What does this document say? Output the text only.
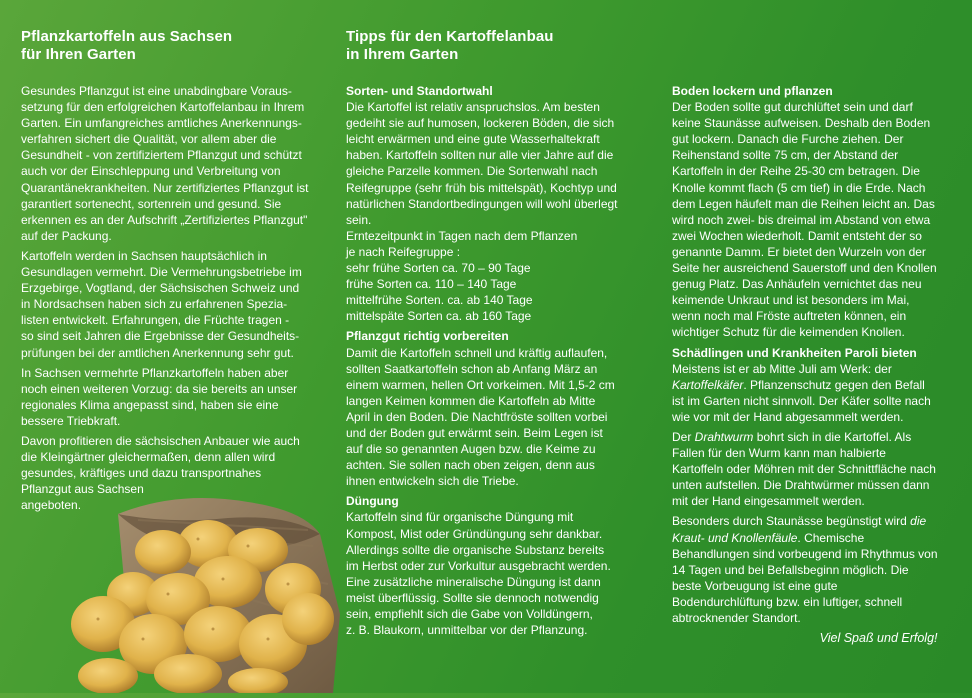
Pflanzkartoffeln aus Sachsen
für Ihren Garten

Gesundes Pflanzgut ist eine unabdingbare Voraus-
setzung für den erfolgreichen Kartoffelanbau in Ihrem
Garten. Ein umfangreiches amtliches Anerkennungs-
verfahren sichert die Qualität, vor allem aber die
Gesundheit - von zertifiziertem Pflanzgut und schützt
auch vor der Einschleppung und Verbreitung von
Quarantänekrankheiten. Nur zertifiziertes Pflanzgut ist
garantiert sortenecht, sortenrein und gesund. Sie
erkennen es an der Aufschrift „Zertifiziertes Pflanzgut"
auf der Packung.

Kartoffeln werden in Sachsen hauptsächlich in
Gesundlagen vermehrt. Die Vermehrungsbetriebe im
Erzgebirge, Vogtland, der Sächsischen Schweiz und
in Nordsachsen haben sich zu erfahrenen Spezia-
listen entwickelt. Erfahrungen, die Früchte tragen -
so sind seit Jahren die Ergebnisse der Gesundheits-
prüfungen bei der amtlichen Anerkennung sehr gut.

In Sachsen vermehrte Pflanzkartoffeln haben aber
noch einen weiteren Vorzug: da sie bereits an unser
regionales Klima angepasst sind, haben sie eine
bessere Triebkraft.

Davon profitieren die sächsischen Anbauer wie auch
die Kleingärtner gleichermaßen, denn allen wird
gesundes, kräftiges und dazu transportnahes
Pflanzgut aus Sachsen
angeboten.

Tipps für den Kartoffelanbau
in Ihrem Garten
Sorten- und Standortwahl

Die Kartoffel ist relativ anspruchslos. Am besten
gedeiht sie auf humosen, lockeren Böden, die sich
leicht erwärmen und eine gute Wasserhaltekraft
haben. Kartoffeln sollten nur alle vier Jahre auf die
gleiche Parzelle kommen. Die Sortenwahl nach
Reifegruppe (sehr früh bis mittelspät), Kochtyp und
natürlichen Standortbedingungen will wohl überlegt
sein.
Erntezeitpunkt in Tagen nach dem Pflanzen
je nach Reifegruppe :
sehr frühe Sorten ca. 70 – 90 Tage
frühe Sorten ca. 110 – 140 Tage
mittelfrühe Sorten. ca. ab 140 Tage
mittelspäte Sorten ca. ab 160 Tage

Pflanzgut richtig vorbereiten

Damit die Kartoffeln schnell und kräftig auflaufen,
sollten Saatkartoffeln schon ab Anfang März an
einem warmen, hellen Ort vorkeimen. Mit 1,5-2 cm
langen Keimen kommen die Kartoffeln ab Mitte
April in den Boden. Die Nachtfröste sollten vorbei
und der Boden gut erwärmt sein. Beim Legen ist
auf die so genannten Augen bzw. die Keime zu
achten. Sie sollen nach oben zeigen, denn aus
ihnen entwickeln sich die Triebe.

Düngung

Kartoffeln sind für organische Düngung mit
Kompost, Mist oder Gründüngung sehr dankbar.
Allerdings sollte die organische Substanz bereits
im Herbst oder zur Vorkultur ausgebracht werden.
Eine zusätzliche mineralische Düngung ist dann
meist überflüssig. Sollte sie dennoch notwendig
sein, empfiehlt sich die Gabe von Volldüngern,
z. B. Blaukorn, unmittelbar vor der Pflanzung.

Boden lockern und pflanzen

Der Boden sollte gut durchlüftet sein und darf
keine Staunässe aufweisen. Deshalb den Boden
gut lockern. Danach die Furche ziehen. Der
Reihenstand sollte 75 cm, der Abstand der
Kartoffeln in der Reihe 25-30 cm betragen. Die
Knolle kommt flach (5 cm tief) in die Erde. Nach
dem Legen häufelt man die Reihen leicht an. Das
wird noch zwei- bis dreimal im Abstand von etwa
zwei Wochen wiederholt. Damit entsteht der so
genannte Damm. Er bietet den Wurzeln von der
Seite her ausreichend Sauerstoff und den Knollen
genug Platz. Das Anhäufeln vernichtet das neu
keimende Unkraut und ist besonders im Mai,
wenn noch mal Fröste auftreten können, ein
wichtiger Schutz für die keimenden Knollen.

Schädlingen und Krankheiten Paroli bieten

Meistens ist er ab Mitte Juli am Werk: der
Kartoffelkäfer. Pflanzenschutz gegen den Befall
ist im Garten nicht sinnvoll. Der Käfer sollte nach
wie vor mit der Hand abgesammelt werden.

Der Drahtwurm bohrt sich in die Kartoffel. Als
Fallen für den Wurm kann man halbierte
Kartoffeln oder Möhren mit der Schnittfläche nach
unten aufstellen. Die Drahtwürmer müssen dann
mit der Hand eingesammelt werden.

Besonders durch Staunässe begünstigt wird die
Kraut- und Knollenfäule. Chemische
Behandlungen sind vorbeugend im Rhythmus von
14 Tagen und bei Befallsbeginn möglich. Die
beste Vorbeugung ist eine gute
Bodendurchlüftung bzw. ein luftiger, schnell
abtrocknender Standort.

Viel Spaß und Erfolg!
